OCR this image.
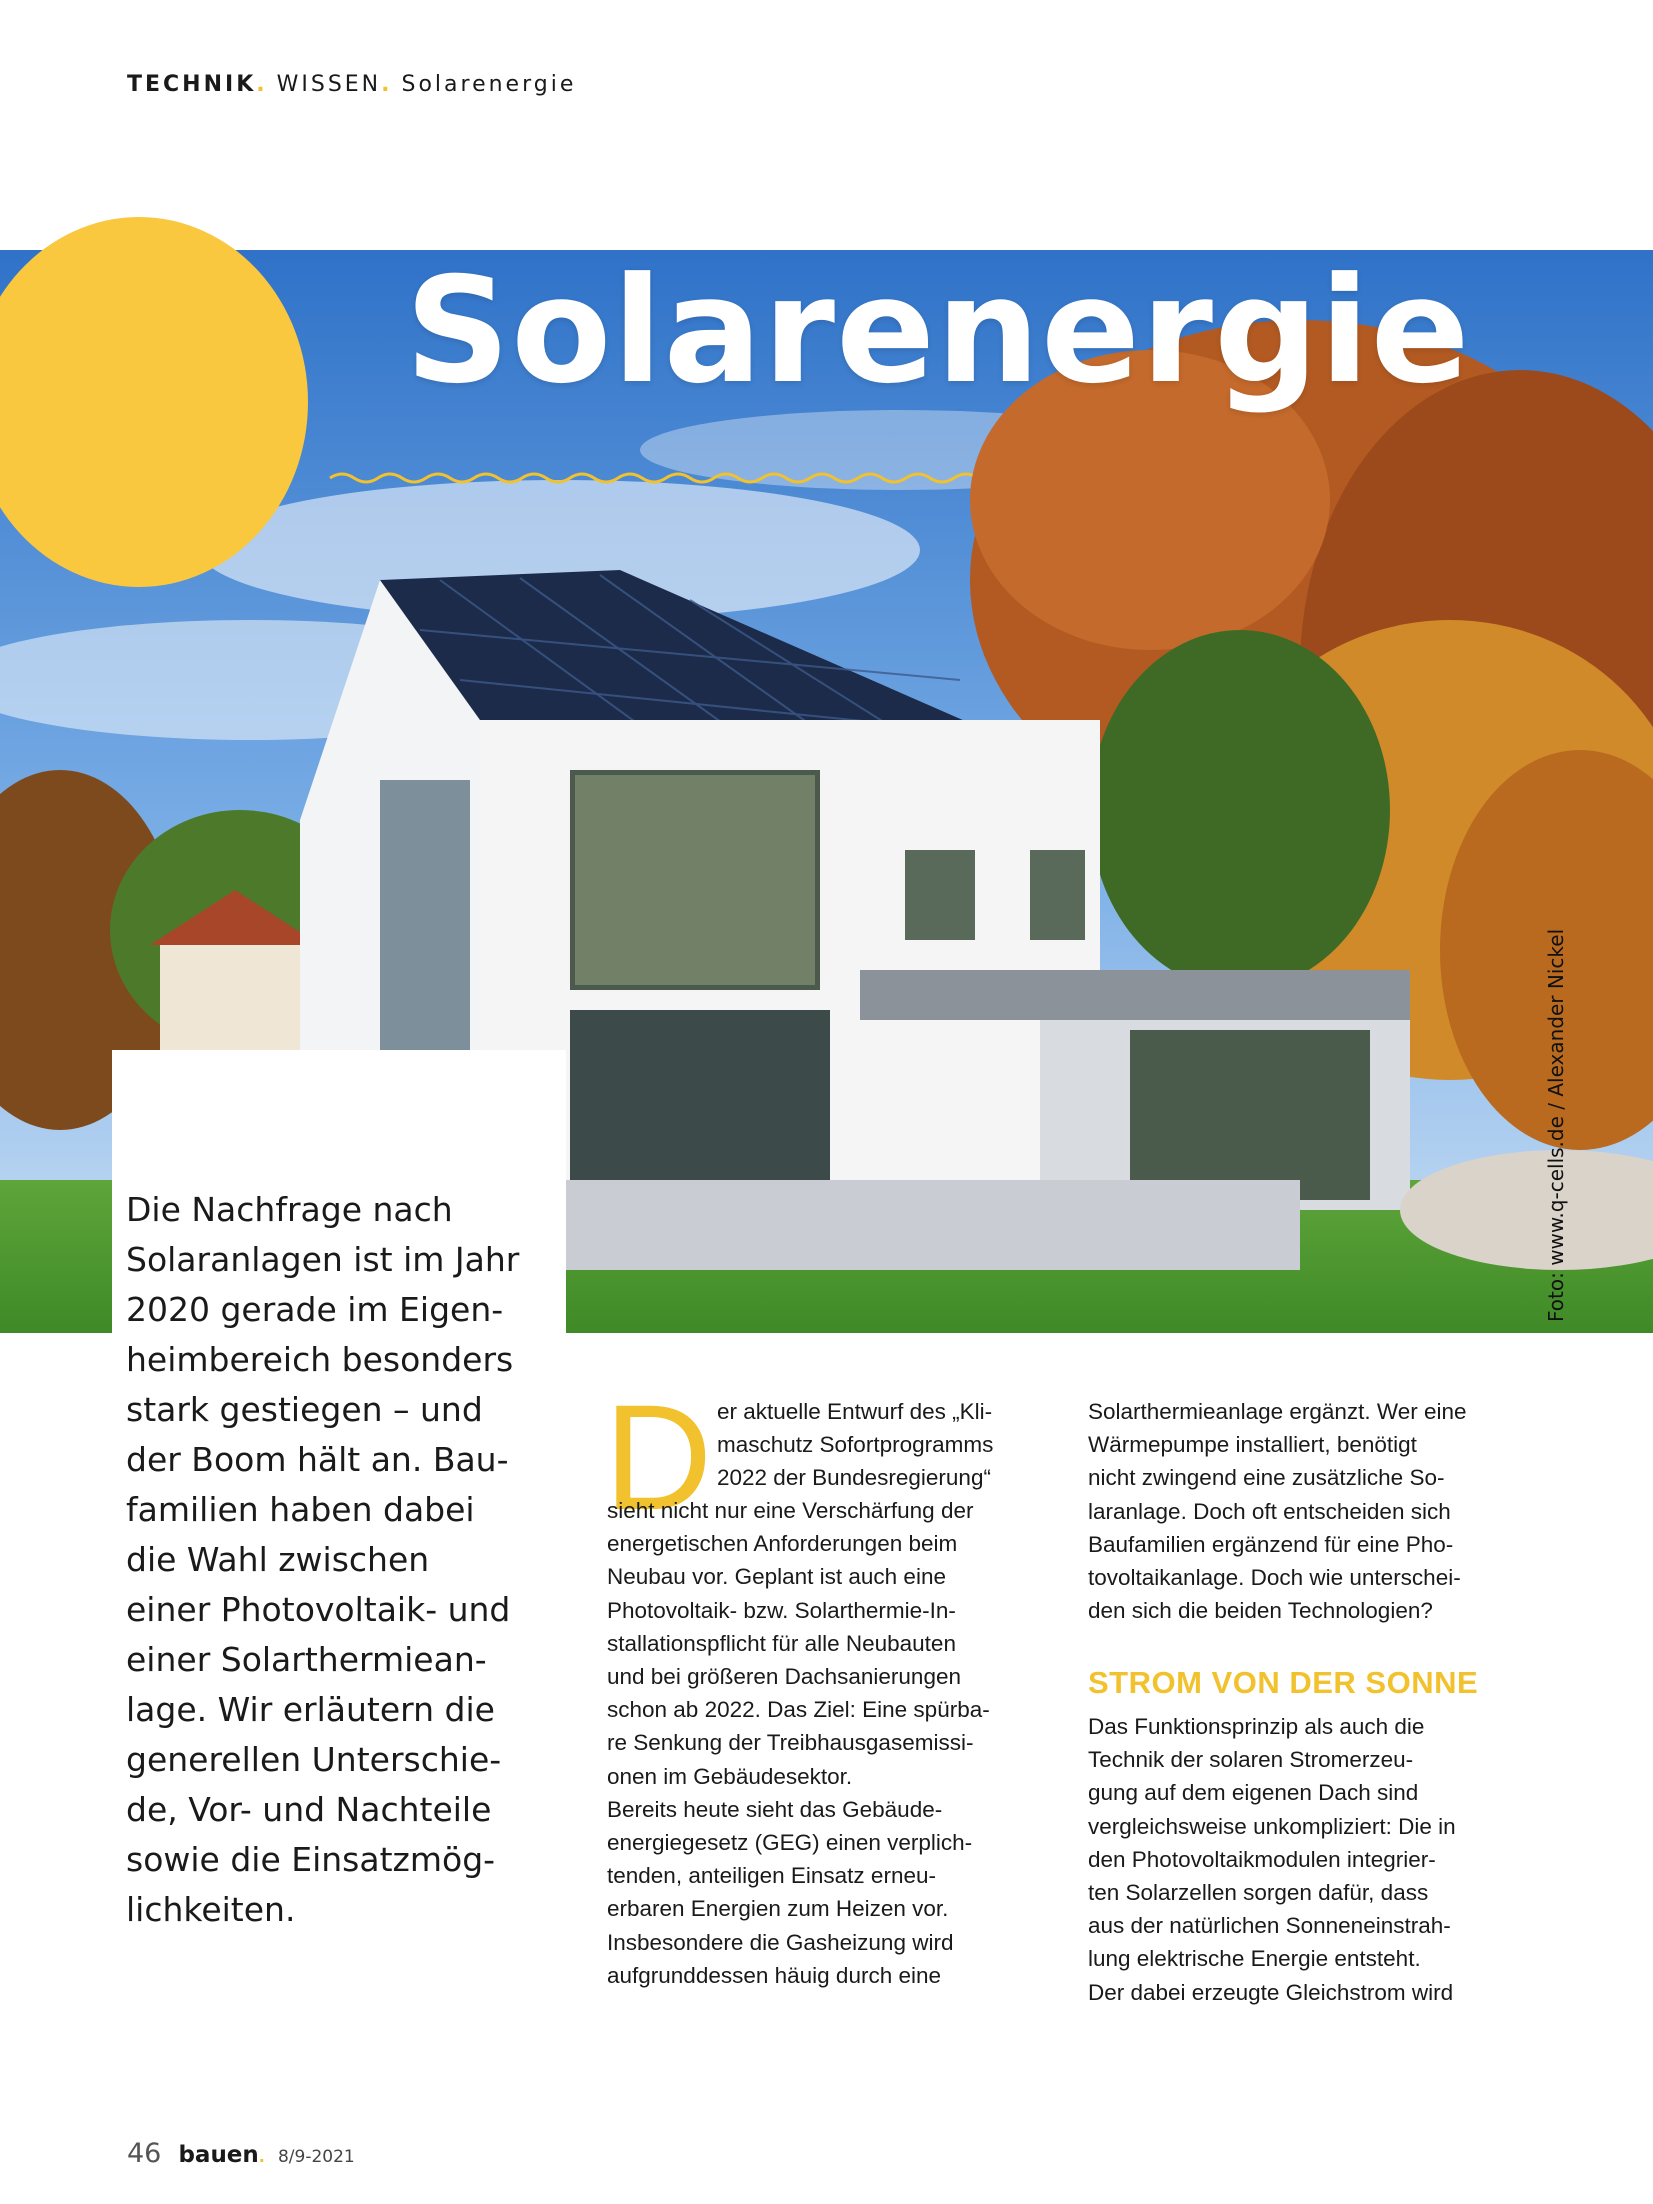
TECHNIK. WISSEN. Solarenergie
Solarenergie
Foto: www.q-cells.de / Alexander Nickel
Die Nachfrage nach
Solaranlagen ist im Jahr
2020 gerade im Eigen-
heimbereich besonders
stark gestiegen – und
der Boom hält an. Bau-
familien haben dabei
die Wahl zwischen
einer Photovoltaik- und
einer Solarthermiean-
lage. Wir erläutern die
generellen Unterschie-
de, Vor- und Nachteile
sowie die Einsatzmög-
lichkeiten.
D er aktuelle Entwurf des „Kli-
maschutz Sofortprogramms
2022 der Bundesregierung“
sieht nicht nur eine Verschärfung der
energetischen Anforderungen beim
Neubau vor. Geplant ist auch eine
Photovoltaik- bzw. Solarthermie-In-
stallationspflicht für alle Neubauten
und bei größeren Dachsanierungen
schon ab 2022. Das Ziel: Eine spürba-
re Senkung der Treibhausgasemissi-
onen im Gebäudesektor.
Bereits heute sieht das Gebäude-
energiegesetz (GEG) einen verplich-
tenden, anteiligen Einsatz erneu-
erbaren Energien zum Heizen vor.
Insbesondere die Gasheizung wird
aufgrunddessen häuig durch eine
Solarthermieanlage ergänzt. Wer eine
Wärmepumpe installiert, benötigt
nicht zwingend eine zusätzliche So-
laranlage. Doch oft entscheiden sich
Baufamilien ergänzend für eine Pho-
tovoltaikanlage. Doch wie unterschei-
den sich die beiden Technologien?
STROM VON DER SONNE
Das Funktionsprinzip als auch die
Technik der solaren Stromerzeu-
gung auf dem eigenen Dach sind
vergleichsweise unkompliziert: Die in
den Photovoltaikmodulen integrier-
ten Solarzellen sorgen dafür, dass
aus der natürlichen Sonneneinstrah-
lung elektrische Energie entsteht.
Der dabei erzeugte Gleichstrom wird
46 bauen. 8/9-2021
